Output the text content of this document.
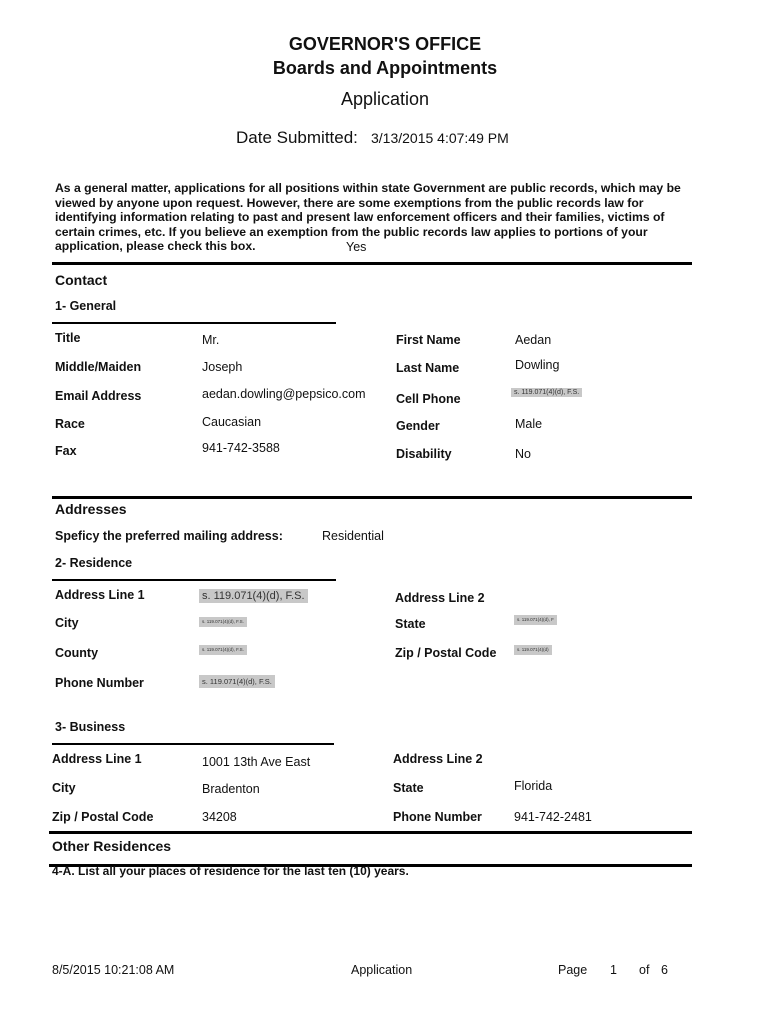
GOVERNOR'S OFFICE
Boards and Appointments
Application
Date Submitted: 3/13/2015 4:07:49 PM
As a general matter, applications for all positions within state Government are public records, which may be viewed by anyone upon request. However, there are some exemptions from the public records law for identifying information relating to past and present law enforcement officers and their families, victims of certain crimes, etc. If you believe an exemption from the public records law applies to portions of your application, please check this box.	Yes
Contact
1- General
Title	Mr.	First Name	Aedan
Middle/Maiden	Joseph	Last Name	Dowling
Email Address	aedan.dowling@pepsico.com Cell Phone	s. 119.071(4)(d), F.S.
Race	Caucasian	Gender	Male
Fax	941-742-3588	Disability	No
Addresses
Speficy the preferred mailing address:	Residential
2- Residence
Address Line 1	s. 119.071(4)(d), F.S.	Address Line 2
City	s. 119.071(4)(d), F.S.	State	s. 119.071(4)(d), F
County	s. 119.071(4)(d), F.S.	Zip / Postal Code	s. 119.071(4)(d)
Phone Number	s. 119.071(4)(d), F.S.
3- Business
Address Line 1	1001 13th Ave East	Address Line 2
City	Bradenton	State	Florida
Zip / Postal Code	34208	Phone Number	941-742-2481
Other Residences
4-A. List all your places of residence for the last ten (10) years.
8/5/2015 10:21:08 AM	Application	Page 1 of 6
